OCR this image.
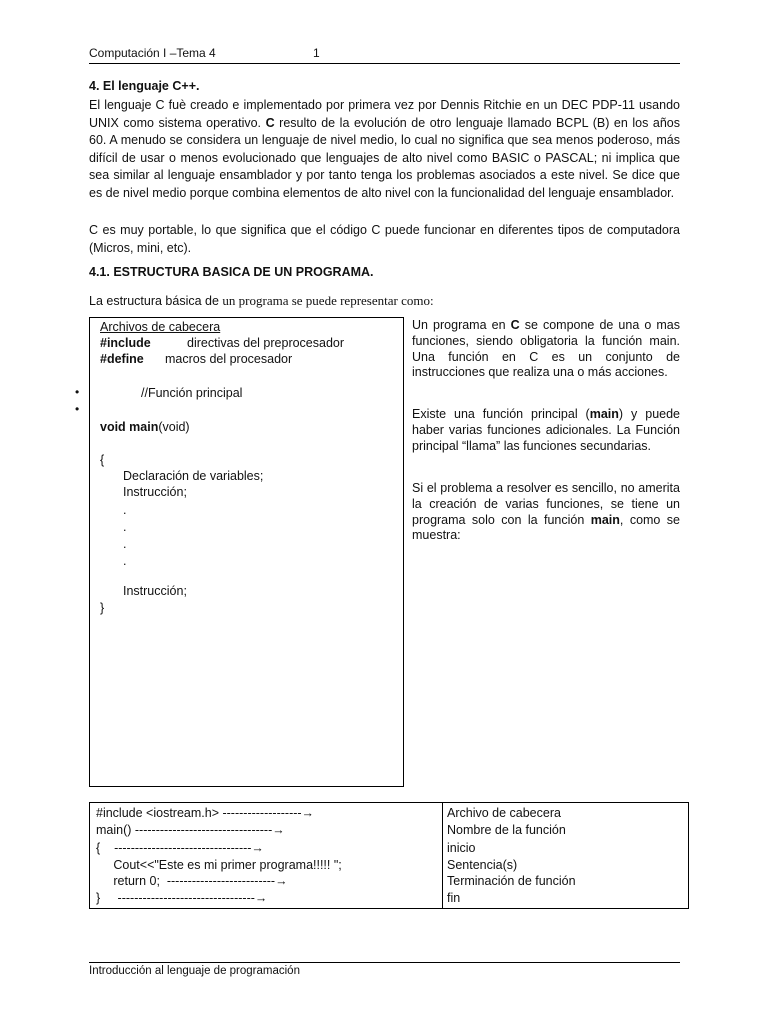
Computación I –Tema 4	1
4. El lenguaje C++.

El lenguaje C fuè creado e implementado por primera vez por Dennis Ritchie en un DEC PDP-11 usando UNIX como sistema operativo. C resulto de la evolución de otro lenguaje llamado BCPL (B) en los años 60. A menudo se considera un lenguaje de nivel medio, lo cual no significa que sea menos poderoso, más difícil de usar o menos evolucionado que lenguajes de alto nivel como BASIC o PASCAL; ni implica que sea similar al lenguaje ensamblador y por tanto tenga los problemas asociados a este nivel. Se dice que es de nivel medio porque combina elementos de alto nivel con la funcionalidad del lenguaje ensamblador.

C es muy portable, lo que significa que el código C puede funcionar en diferentes tipos de computadora (Micros, mini, etc).

4.1. ESTRUCTURA BASICA DE UN PROGRAMA.
La estructura básica de un programa se puede representar como:
Archivos de cabecera
#include	directivas del preprocesador
#define macros del procesador
//Función principal
void main(void)
{
Declaración de variables;
Instrucción;
.
.
.
.
Instrucción;
}
•
•

Un programa en C se compone de una o mas funciones, siendo obligatoria la función main. Una función en C es un conjunto de instrucciones que realiza una o más acciones.

Existe una función principal (main) y puede haber varias funciones adicionales. La Función principal “llama” las funciones secundarias.

Si el problema a resolver es sencillo, no amerita la creación de varias funciones, se tiene un programa solo con la función main, como se muestra:

#include <iostream.h> -------------------→	Archivo de cabecera
main() ---------------------------------→	Nombre de la función
{    ---------------------------------→	inicio
Cout<<"Este es mi primer programa!!!!! ";	Sentencia(s)
return 0;  --------------------------→	Terminación de función
}     ---------------------------------→	fin
Introducción al lenguaje de programación
